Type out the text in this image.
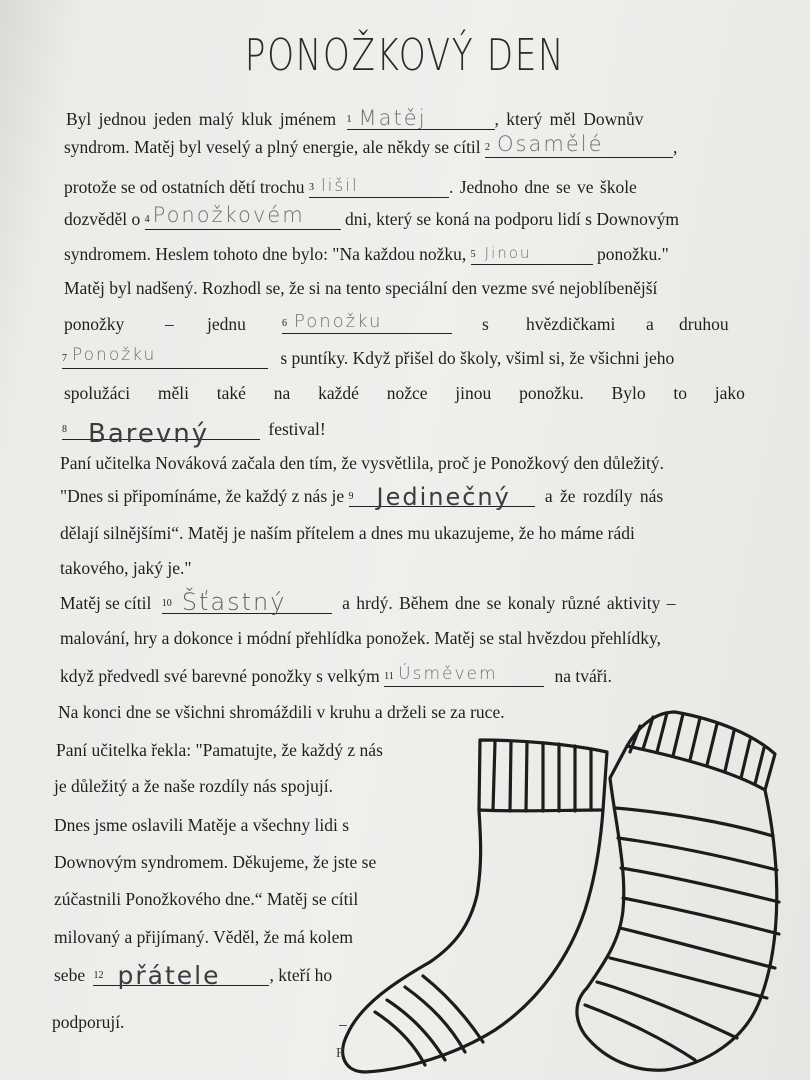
PONOŽKOVÝ DEN
Byl jednou jeden malý kluk jménem $^1$ Matěj	, který měl Downův
syndrom. Matěj byl veselý a plný energie, ale někdy se cítil $^2$ Osamělé	,
protože se od ostatních dětí trochu $^3$ lišil	. Jednoho dne se ve škole
dozvěděl o $^4$ Ponožkovém dni, který se koná na podporu lidí s Downovým
syndromem. Heslem tohoto dne bylo: "Na každou nožku, $^5$ Jinou	ponožku."
Matěj byl nadšený. Rozhodl se, že si na tento speciální den vezme své nejoblíbenější
ponožky – jednu	$^6$ Ponožku	s hvězdičkami a druhou
$^7$ Ponožku	s puntíky. Když přišel do školy, všiml si, že všichni jeho
spolužáci měli také na každé nožce jinou ponožku. Bylo to jako
$^8$ Barevný	festival!
Paní učitelka Nováková začala den tím, že vysvětlila, proč je Ponožkový den důležitý.
"Dnes si připomínáme, že každý z nás je $^9$ Jedinečný a že rozdíly nás
dělají silnějšími“. Matěj je naším přítelem a dnes mu ukazujeme, že ho máme rádi
takového, jaký je."
Matěj se cítil $^{10}$ Šťastný	a hrdý. Během dne se konaly různé aktivity –
malování, hry a dokonce i módní přehlídka ponožek. Matěj se stal hvězdou přehlídky,
když předvedl své barevné ponožky s velkým $^{11}$ Úsměvem	na tváři.
Na konci dne se všichni shromáždili v kruhu a drželi se za ruce.
Paní učitelka řekla: "Pamatujte, že každý z nás
je důležitý a že naše rozdíly nás spojují.
Dnes jsme oslavili Matěje a všechny lidi s
Downovým syndromem. Děkujeme, že jste se
zúčastnili Ponožkového dne.“ Matěj se cítil
milovaný a přijímaný. Věděl, že má kolem
sebe $^{12}$ přátele	, kteří ho
podporují.	–
F
